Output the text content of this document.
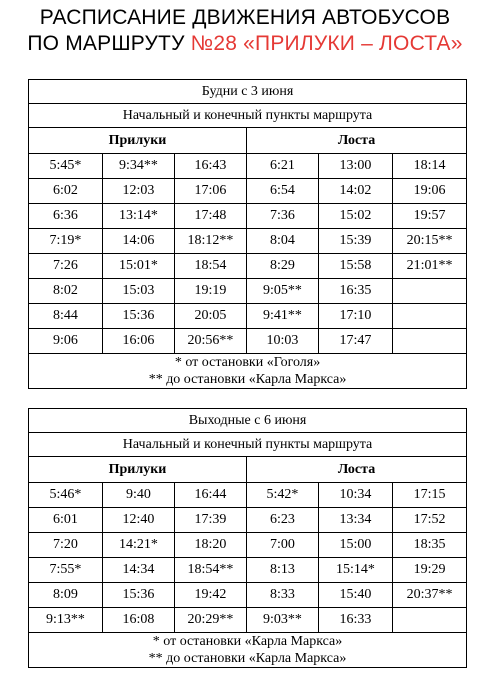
РАСПИСАНИЕ ДВИЖЕНИЯ АВТОБУСОВ
ПО МАРШРУТУ №28 «ПРИЛУКИ – ЛОСТА»
Будни с 3 июня					
Начальный и конечный пункты маршрута					
Прилуки			Лоста		
5:45*	9:34**	16:43	6:21	13:00	18:14
6:02	12:03	17:06	6:54	14:02	19:06
6:36	13:14*	17:48	7:36	15:02	19:57
7:19*	14:06	18:12**	8:04	15:39	20:15**
7:26	15:01*	18:54	8:29	15:58	21:01**
8:02	15:03	19:19	9:05**	16:35	
8:44	15:36	20:05	9:41**	17:10	
9:06	16:06	20:56**	10:03	17:47	

* от остановки «Гоголя»
** до остановки «Карла Маркса»					
Выходные с 6 июня					
Начальный и конечный пункты маршрута					
Прилуки			Лоста		
5:46*	9:40	16:44	5:42*	10:34	17:15
6:01	12:40	17:39	6:23	13:34	17:52
7:20	14:21*	18:20	7:00	15:00	18:35
7:55*	14:34	18:54**	8:13	15:14*	19:29
8:09	15:36	19:42	8:33	15:40	20:37**
9:13**	16:08	20:29**	9:03**	16:33	

* от остановки «Карла Маркса»
** до остановки «Карла Маркса»					
